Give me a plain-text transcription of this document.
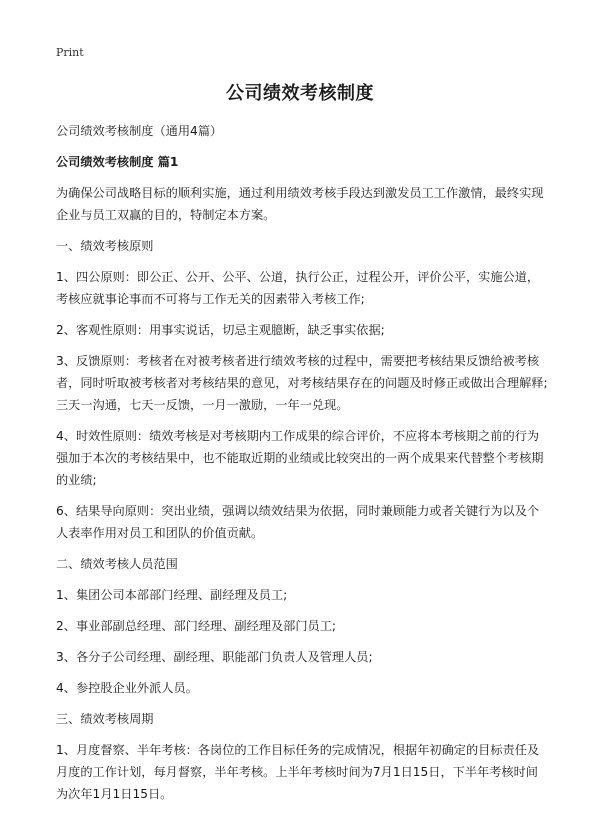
Print
公司绩效考核制度

公司绩效考核制度（通用4篇）

公司绩效考核制度 篇1

为确保公司战略目标的顺利实施，通过利用绩效考核手段达到激发员工工作激情，最终实现企业与员工双赢的目的，特制定本方案。

一、绩效考核原则

1、四公原则：即公正、公开、公平、公道，执行公正，过程公开，评价公平，实施公道，考核应就事论事而不可将与工作无关的因素带入考核工作;

2、客观性原则：用事实说话，切忌主观臆断，缺乏事实依据;

3、反馈原则：考核者在对被考核者进行绩效考核的过程中，需要把考核结果反馈给被考核者，同时听取被考核者对考核结果的意见，对考核结果存在的问题及时修正或做出合理解释;三天一沟通，七天一反馈，一月一激励，一年一兑现。

4、时效性原则：绩效考核是对考核期内工作成果的综合评价，不应将本考核期之前的行为强加于本次的考核结果中，也不能取近期的业绩或比较突出的一两个成果来代替整个考核期的业绩;

6、结果导向原则：突出业绩，强调以绩效结果为依据，同时兼顾能力或者关键行为以及个人表率作用对员工和团队的价值贡献。

二、绩效考核人员范围

1、集团公司本部部门经理、副经理及员工;

2、事业部副总经理、部门经理、副经理及部门员工;

3、各分子公司经理、副经理、职能部门负责人及管理人员;

4、参控股企业外派人员。

三、绩效考核周期

1、月度督察、半年考核：各岗位的工作目标任务的完成情况，根据年初确定的目标责任及月度的工作计划，每月督察，半年考核。上半年考核时间为7月1日15日，下半年考核时间为次年1月1日15日。
